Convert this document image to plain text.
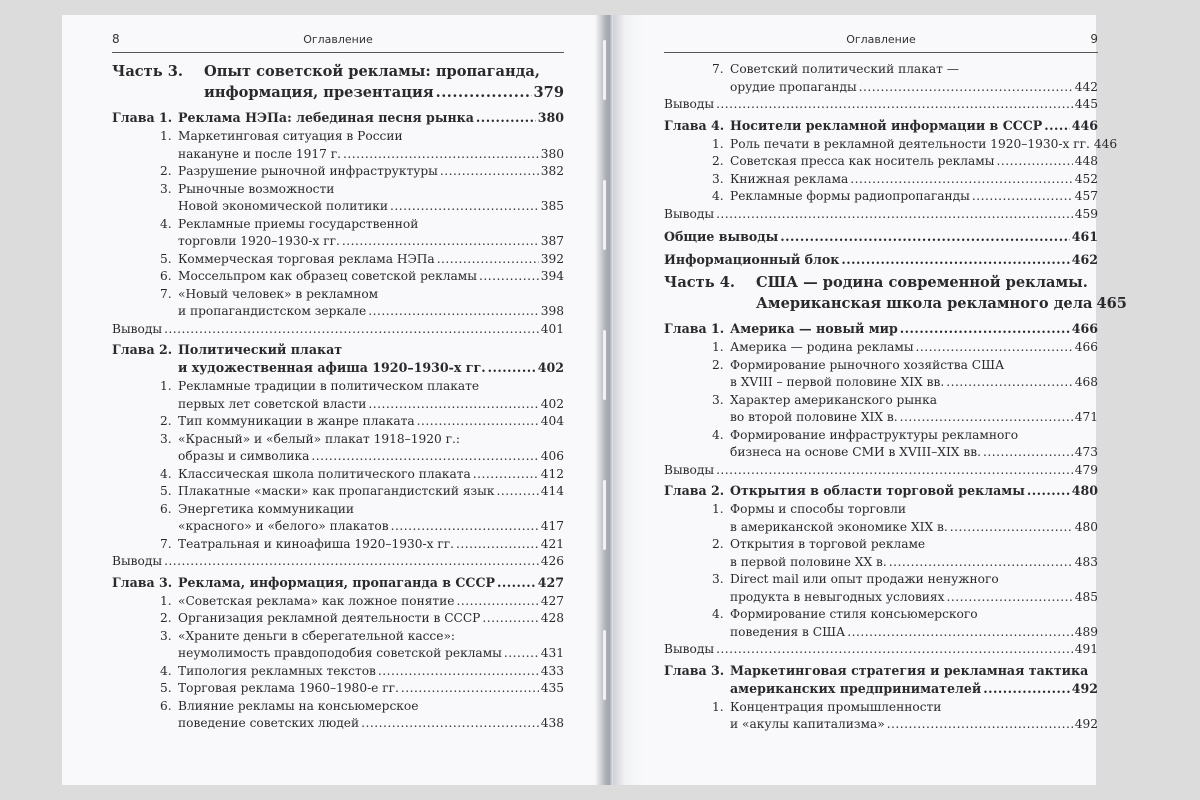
8	Оглавление
Часть 3. Опыт советской рекламы: пропаганда,
информация, презентация .....	379
Глава 1. Реклама НЭПа: лебединая песня рынка .....	380
1. Маркетинговая ситуация в России
накануне и после 1917 г. .....	380
2. Разрушение рыночной инфраструктуры .....	382
3. Рыночные возможности
Новой экономической политики .....	385
4. Рекламные приемы государственной
торговли 1920–1930-х гг. .....	387
5. Коммерческая торговая реклама НЭПа .....	392
6. Моссельпром как образец советской рекламы .....	394
7. «Новый человек» в рекламном
и пропагандистском зеркале .....	398
Выводы .....	401
Глава 2. Политический плакат
и художественная афиша 1920–1930-х гг. .....	402
1. Рекламные традиции в политическом плакате
первых лет советской власти .....	402
2. Тип коммуникации в жанре плаката .....	404
3. «Красный» и «белый» плакат 1918–1920 г.:
образы и символика .....	406
4. Классическая школа политического плаката .....	412
5. Плакатные «маски» как пропагандистский язык .....	414
6. Энергетика коммуникации
«красного» и «белого» плакатов .....	417
7. Театральная и киноафиша 1920–1930-х гг. .....	421
Выводы .....	426
Глава 3. Реклама, информация, пропаганда в СССР .....	427
1. «Советская реклама» как ложное понятие .....	427
2. Организация рекламной деятельности в СССР .....	428
3. «Храните деньги в сберегательной кассе»:
неумолимость правдоподобия советской рекламы .....	431
4. Типология рекламных текстов .....	433
5. Торговая реклама 1960–1980-е гг. .....	435
6. Влияние рекламы на консьюмерское
поведение советских людей .....	438
9
Оглавление
7. Советский политический плакат —
орудие пропаганды .....	442
Выводы .....	445
Глава 4. Носители рекламной информации в СССР ..... 446
1. Роль печати в рекламной деятельности 1920–1930-х гг. 446
2. Советская пресса как носитель рекламы .....	448
3. Книжная реклама .....	452
4. Рекламные формы радиопропаганды .....	457
Выводы .....	459
Общие выводы .....	461
Информационный блок .....	462
Часть 4. США — родина современной рекламы.
Американская школа рекламного дела 465
Глава 1. Америка — новый мир .....	466
1. Америка — родина рекламы .....	466
2. Формирование рыночного хозяйства США
в XVIII – первой половине XIX вв. .....	468
3. Характер американского рынка
во второй половине XIX в. .....	471
4. Формирование инфраструктуры рекламного
бизнеса на основе СМИ в XVIII–XIX вв. .....	473
Выводы .....	479
Глава 2. Открытия в области торговой рекламы .....	480
1. Формы и способы торговли
в американской экономике XIX в. .....	480
2. Открытия в торговой рекламе
в первой половине XX в. .....	483
3. Direct mail или опыт продажи ненужного
продукта в невыгодных условиях .....	485
4. Формирование стиля консьюмерского
поведения в США .....	489
Выводы .....	491
Глава 3. Маркетинговая стратегия и рекламная тактика
американских предпринимателей .....	492
1. Концентрация промышленности
и «акулы капитализма» .....	492
